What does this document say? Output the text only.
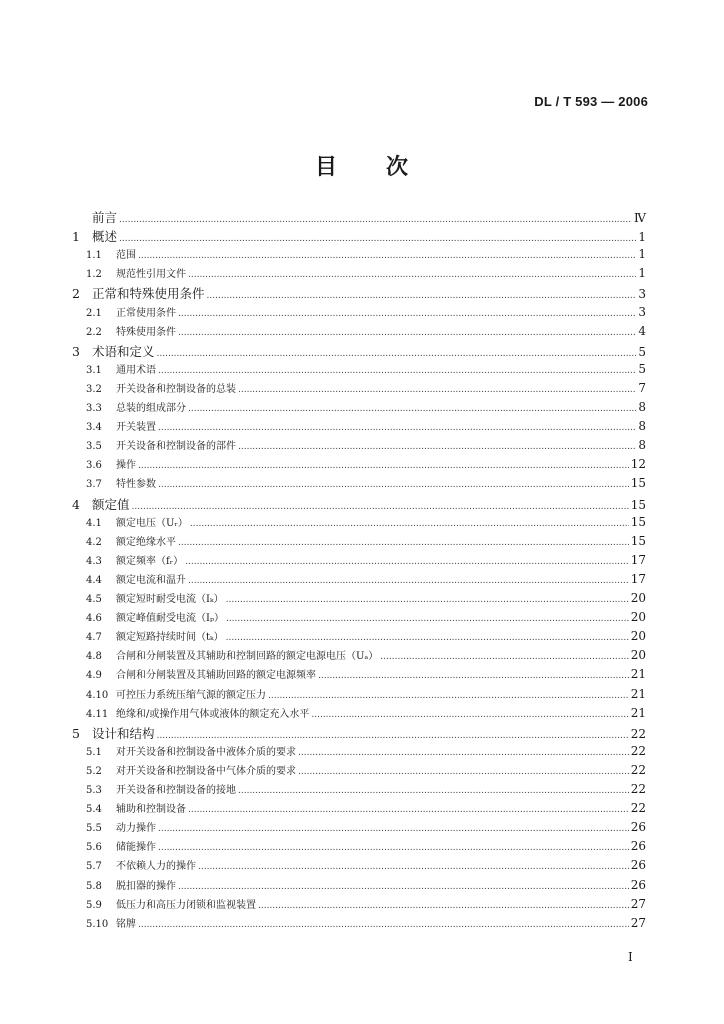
DL / T 593 — 2006
目 次
前言 .....	Ⅳ
1 概述 .....	1
1.1	范围 .....	1
1.2	规范性引用文件 .....	1
2 正常和特殊使用条件 .....	3
2.1	正常使用条件 .....	3
2.2	特殊使用条件 .....	4
3 术语和定义 .....	5
3.1	通用术语 .....	5
3.2	开关设备和控制设备的总装 .....	7
3.3	总装的组成部分 .....	8
3.4	开关装置 .....	8
3.5	开关设备和控制设备的部件 .....	8
3.6	操作 .....	12
3.7	特性参数 .....	15
4 额定值 .....	15
4.1	额定电压（Uᵣ） .....	15
4.2	额定绝缘水平 .....	15
4.3	额定频率（fᵣ） .....	17
4.4	额定电流和温升 .....	17
4.5	额定短时耐受电流（Iₖ） .....	20
4.6	额定峰值耐受电流（Iₚ） .....	20
4.7	额定短路持续时间（tₖ） .....	20
4.8	合闸和分闸装置及其辅助和控制回路的额定电源电压（Uₐ） .....	20
4.9	合闸和分闸装置及其辅助回路的额定电源频率 .....	21
4.10 可控压力系统压缩气源的额定压力 .....	21
4.11 绝缘和/或操作用气体或液体的额定充入水平 .....	21
5 设计和结构 .....	22
5.1	对开关设备和控制设备中液体介质的要求 .....	22
5.2	对开关设备和控制设备中气体介质的要求 .....	22
5.3	开关设备和控制设备的接地 .....	22
5.4	辅助和控制设备 .....	22
5.5	动力操作 .....	26
5.6	储能操作 .....	26
5.7	不依赖人力的操作 .....	26
5.8	脱扣器的操作 .....	26
5.9	低压力和高压力闭锁和监视装置 .....	27
5.10 铭牌 .....	27
I
